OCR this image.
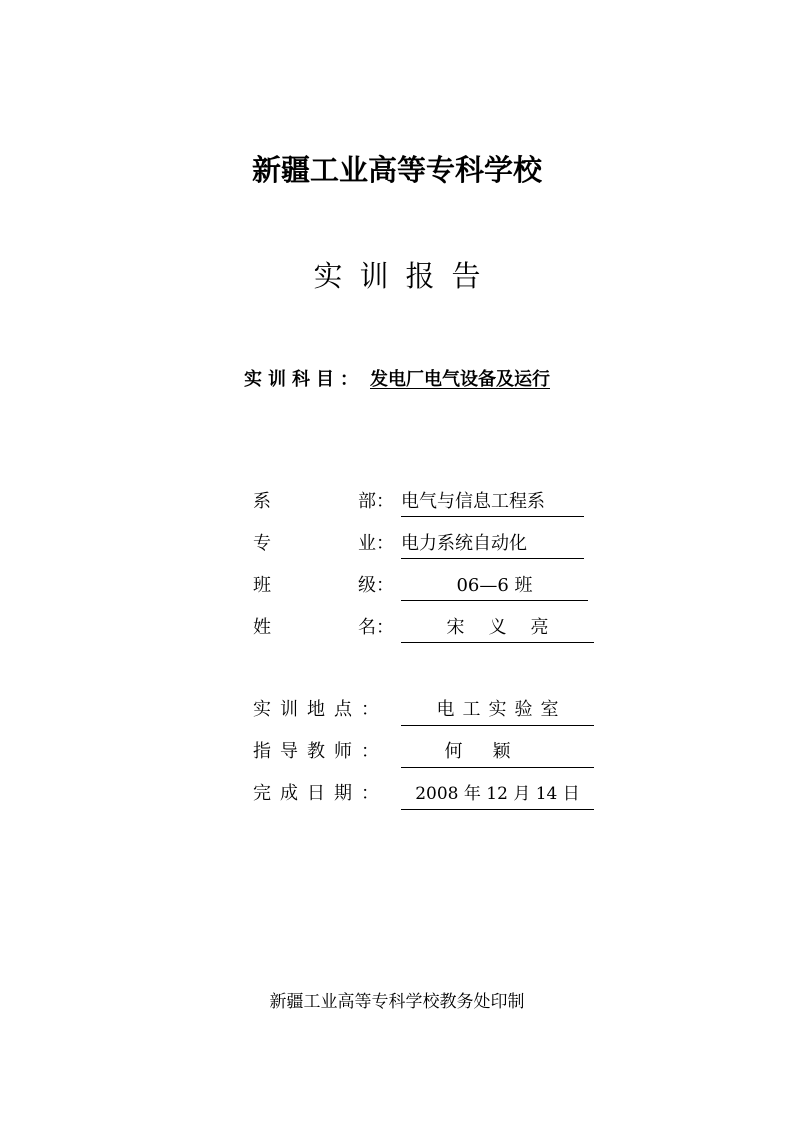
新疆工业高等专科学校
实训报告
实训科目： 发电厂电气设备及运行
系	部： 电气与信息工程系
专	业： 电力系统自动化
班	级：	06—6 班
姓	名：	宋义亮
实训地点：	电工实验室
指导教师：	何颖
完成日期：	2008 年 12 月 14 日
新疆工业高等专科学校教务处印制
